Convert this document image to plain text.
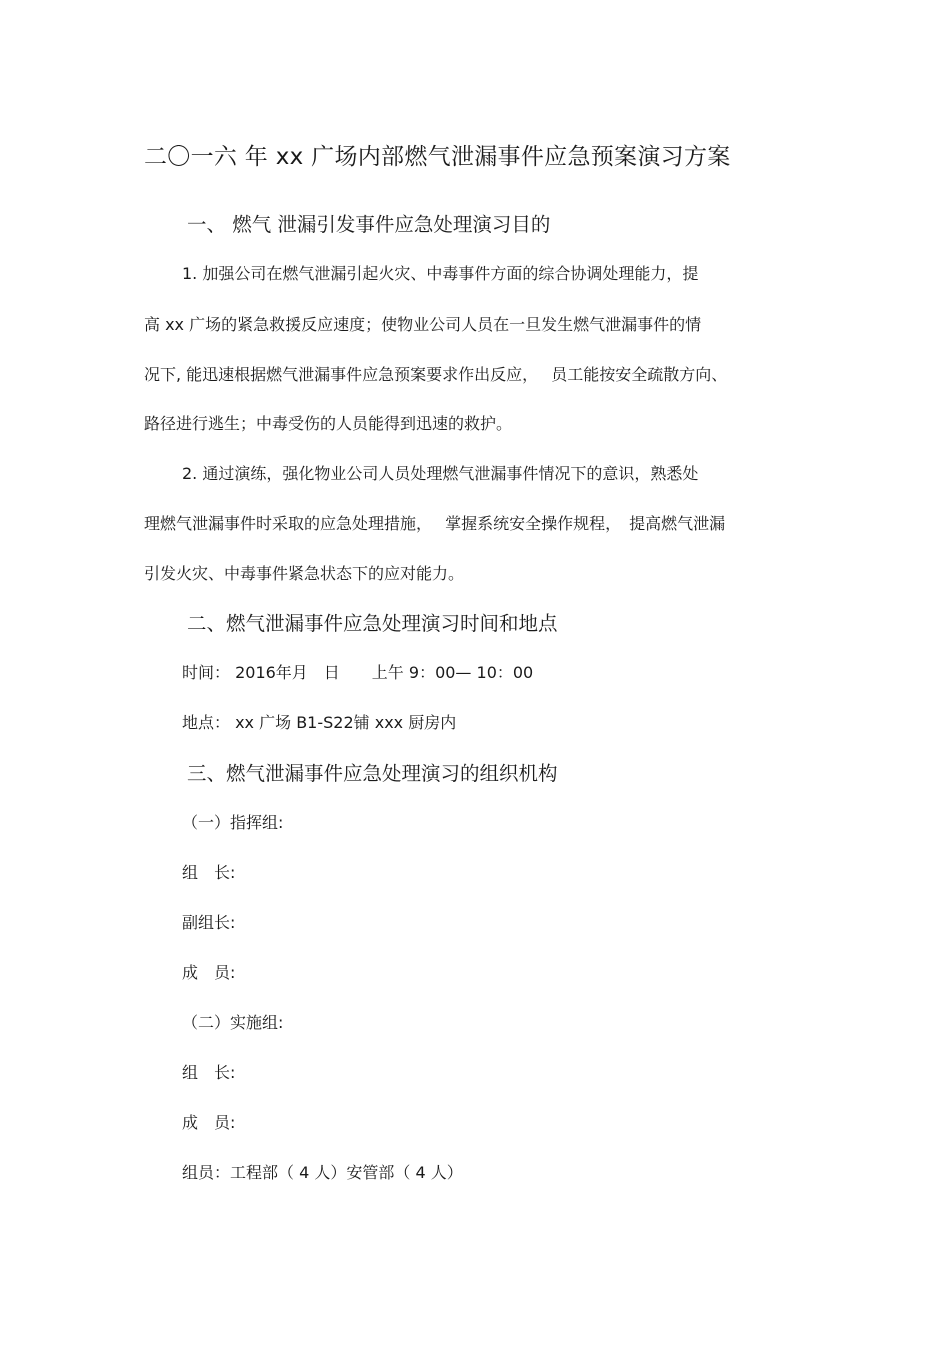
二〇一六 年 xx 广场内部燃气泄漏事件应急预案演习方案
一、 燃气 泄漏引发事件应急处理演习目的
1. 加强公司在燃气泄漏引起火灾、中毒事件方面的综合协调处理能力，提
高 xx 广场的紧急救援反应速度；使物业公司人员在一旦发生燃气泄漏事件的情
况下, 能迅速根据燃气泄漏事件应急预案要求作出反应，　 员工能按安全疏散方向、
路径进行逃生；中毒受伤的人员能得到迅速的救护。
2. 通过演练，强化物业公司人员处理燃气泄漏事件情况下的意识，熟悉处
理燃气泄漏事件时采取的应急处理措施，　 掌握系统安全操作规程，　提高燃气泄漏
引发火灾、中毒事件紧急状态下的应对能力。
二、燃气泄漏事件应急处理演习时间和地点
时间： 2016年月　日　　上午 9：00— 10：00
地点： xx 广场 B1-S22铺 xxx 厨房内
三、燃气泄漏事件应急处理演习的组织机构
（一）指挥组:
组　长:
副组长:
成　员:
（二）实施组:
组　长:
成　员:
组员：工程部（ 4 人）安管部（ 4 人）
